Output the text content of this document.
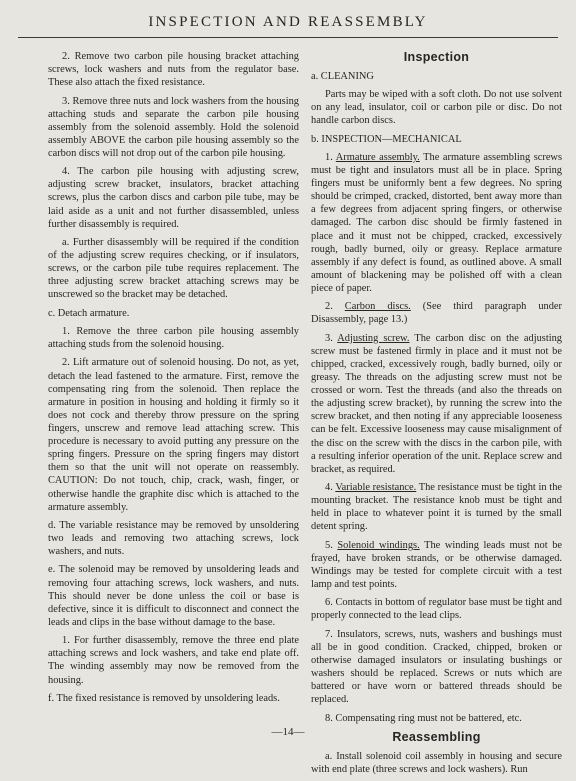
INSPECTION AND REASSEMBLY

2. Remove two carbon pile housing bracket attaching screws, lock washers and nuts from the regulator base. These also attach the fixed resistance.

3. Remove three nuts and lock washers from the housing attaching studs and separate the carbon pile housing assembly from the solenoid assembly. Hold the solenoid assembly ABOVE the carbon pile housing assembly so the carbon discs will not drop out of the carbon pile housing.

4. The carbon pile housing with adjusting screw, adjusting screw bracket, insulators, bracket attaching screws, plus the carbon discs and carbon pile tube, may be laid aside as a unit and not further disassembled, unless further disassembly is required.

a. Further disassembly will be required if the condition of the adjusting screw requires checking, or if insulators, screws, or the carbon pile tube requires replacement. The three adjusting screw bracket attaching screws may be unscrewed so the bracket may be detached.

c. Detach armature.

1. Remove the three carbon pile housing assembly attaching studs from the solenoid housing.

2. Lift armature out of solenoid housing. Do not, as yet, detach the lead fastened to the armature. First, remove the compensating ring from the solenoid. Then replace the armature in position in housing and holding it firmly so it does not cock and thereby throw pressure on the spring fingers, unscrew and remove lead attaching screw. This procedure is necessary to avoid putting any pressure on the spring fingers. Pressure on the spring fingers may distort them so that the unit will not operate on reassembly. CAUTION: Do not touch, chip, crack, wash, finger, or otherwise handle the graphite disc which is attached to the armature assembly.

d. The variable resistance may be removed by unsoldering two leads and removing two attaching screws, lock washers, and nuts.

e. The solenoid may be removed by unsoldering leads and removing four attaching screws, lock washers, and nuts. This should never be done unless the coil or base is defective, since it is difficult to disconnect and connect the leads and clips in the base without damage to the base.

1. For further disassembly, remove the three end plate attaching screws and lock washers, and take end plate off. The winding assembly may now be removed from the housing.

f. The fixed resistance is removed by unsoldering leads.

Inspection

a. CLEANING

Parts may be wiped with a soft cloth. Do not use solvent on any lead, insulator, coil or carbon pile or disc. Do not handle carbon discs.

b. INSPECTION—MECHANICAL

1. Armature assembly. The armature assembling screws must be tight and insulators must all be in place. Spring fingers must be uniformly bent a few degrees. No spring should be crimped, cracked, distorted, bent away more than a few degrees from adjacent spring fingers, or otherwise damaged. The carbon disc should be firmly fastened in place and it must not be chipped, cracked, excessively rough, badly burned, oily or greasy. Replace armature assembly if any defect is found, as outlined above. A small amount of blackening may be polished off with a clean piece of paper.

2. Carbon discs. (See third paragraph under Disassembly, page 13.)

3. Adjusting screw. The carbon disc on the adjusting screw must be fastened firmly in place and it must not be chipped, cracked, excessively rough, badly burned, oily or greasy. The threads on the adjusting screw must not be crossed or worn. Test the threads (and also the threads on the adjusting screw bracket), by running the screw into the screw bracket, and then noting if any appreciable looseness can be felt. Excessive looseness may cause misalignment of the disc on the screw with the discs in the carbon pile, with a resulting inferior operation of the unit. Replace screw and bracket, as required.

4. Variable resistance. The resistance must be tight in the mounting bracket. The resistance knob must be tight and held in place to whatever point it is turned by the small detent spring.

5. Solenoid windings. The winding leads must not be frayed, have broken strands, or be otherwise damaged. Windings may be tested for complete circuit with a test lamp and test points.

6. Contacts in bottom of regulator base must be tight and properly connected to the lead clips.

7. Insulators, screws, nuts, washers and bushings must all be in good condition. Cracked, chipped, broken or otherwise damaged insulators or insulating bushings or washers should be replaced. Screws or nuts which are battered or have worn or battered threads should be replaced.

8. Compensating ring must not be battered, etc.

Reassembling

a. Install solenoid coil assembly in housing and secure with end plate (three screws and lock washers). Run

—14—
